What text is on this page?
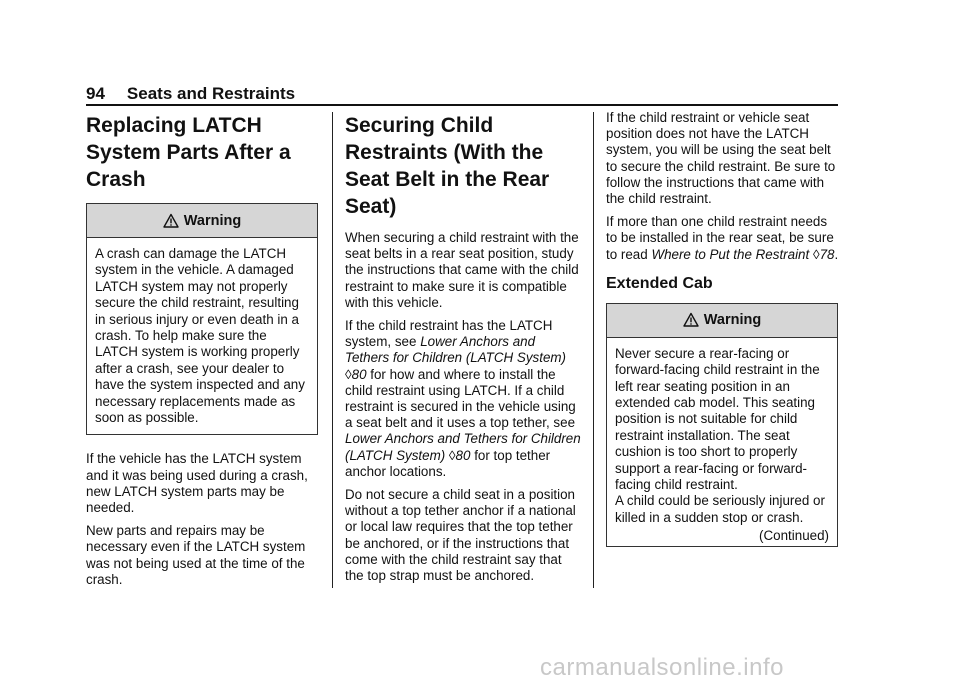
94 Seats and Restraints
Replacing LATCH System Parts After a Crash
Warning
A crash can damage the LATCH system in the vehicle. A damaged LATCH system may not properly secure the child restraint, resulting in serious injury or even death in a crash. To help make sure the LATCH system is working properly after a crash, see your dealer to have the system inspected and any necessary replacements made as soon as possible.
If the vehicle has the LATCH system and it was being used during a crash, new LATCH system parts may be needed.
New parts and repairs may be necessary even if the LATCH system was not being used at the time of the crash.
Securing Child Restraints (With the Seat Belt in the Rear Seat)
When securing a child restraint with the seat belts in a rear seat position, study the instructions that came with the child restraint to make sure it is compatible with this vehicle.
If the child restraint has the LATCH system, see Lower Anchors and Tethers for Children (LATCH System) ◊80 for how and where to install the child restraint using LATCH. If a child restraint is secured in the vehicle using a seat belt and it uses a top tether, see Lower Anchors and Tethers for Children (LATCH System) ◊80 for top tether anchor locations.
Do not secure a child seat in a position without a top tether anchor if a national or local law requires that the top tether be anchored, or if the instructions that come with the child restraint say that the top strap must be anchored.
If the child restraint or vehicle seat position does not have the LATCH system, you will be using the seat belt to secure the child restraint. Be sure to follow the instructions that came with the child restraint.
If more than one child restraint needs to be installed in the rear seat, be sure to read Where to Put the Restraint ◊78.
Extended Cab
Warning
Never secure a rear-facing or forward-facing child restraint in the left rear seating position in an extended cab model. This seating position is not suitable for child restraint installation. The seat cushion is too short to properly support a rear-facing or forward-facing child restraint.
A child could be seriously injured or killed in a sudden stop or crash.
(Continued)
carmanualsonline.info
